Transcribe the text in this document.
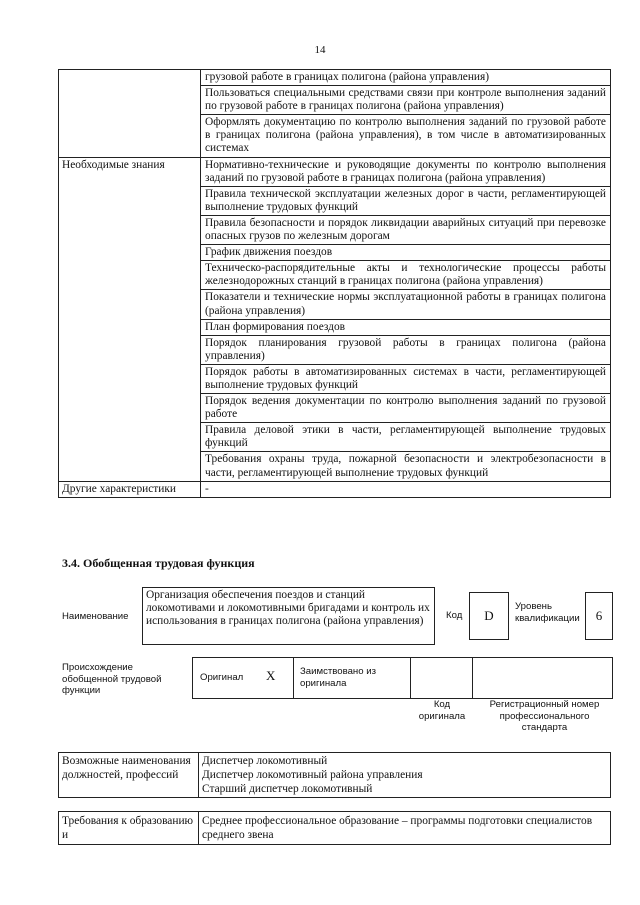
14
	грузовой работе в границах полигона (района управления)
	Пользоваться специальными средствами связи при контроле выполнения заданий по грузовой работе в границах полигона (района управления)
	Оформлять документацию по контролю выполнения заданий по грузовой работе в границах полигона (района управления), в том числе в автоматизированных системах
Необходимые знания	Нормативно-технические и руководящие документы по контролю выполнения заданий по грузовой работе в границах полигона (района управления)
	Правила технической эксплуатации железных дорог в части, регламентирующей выполнение трудовых функций
	Правила безопасности и порядок ликвидации аварийных ситуаций при перевозке опасных грузов по железным дорогам
	График движения поездов
	Техническо-распорядительные акты и технологические процессы работы железнодорожных станций в границах полигона (района управления)
	Показатели и технические нормы эксплуатационной работы в границах полигона (района управления)
	План формирования поездов
	Порядок планирования грузовой работы в границах полигона (района управления)
	Порядок работы в автоматизированных системах в части, регламентирующей выполнение трудовых функций
	Порядок ведения документации по контролю выполнения заданий по грузовой работе
	Правила деловой этики в части, регламентирующей выполнение трудовых функций
	Требования охраны труда, пожарной безопасности и электробезопасности в части, регламентирующей выполнение трудовых функций
Другие характеристики	-
3.4. Обобщенная трудовая функция
Наименование
Организация обеспечения поездов и станций локомотивами и локомотивными бригадами и контроль их использования в границах полигона (района управления)	Код	D
Уровень квалификации	6
Происхождение обобщенной трудовой функции
Оригинал X	Заимствовано из оригинала
Код оригинала
Регистрационный номер профессионального стандарта
Возможные наименования должностей, профессий	
Диспетчер локомотивный
Диспетчер локомотивный района управления
Старший диспетчер локомотивный
Требования к образованию и	Среднее профессиональное образование – программы подготовки специалистов среднего звена
